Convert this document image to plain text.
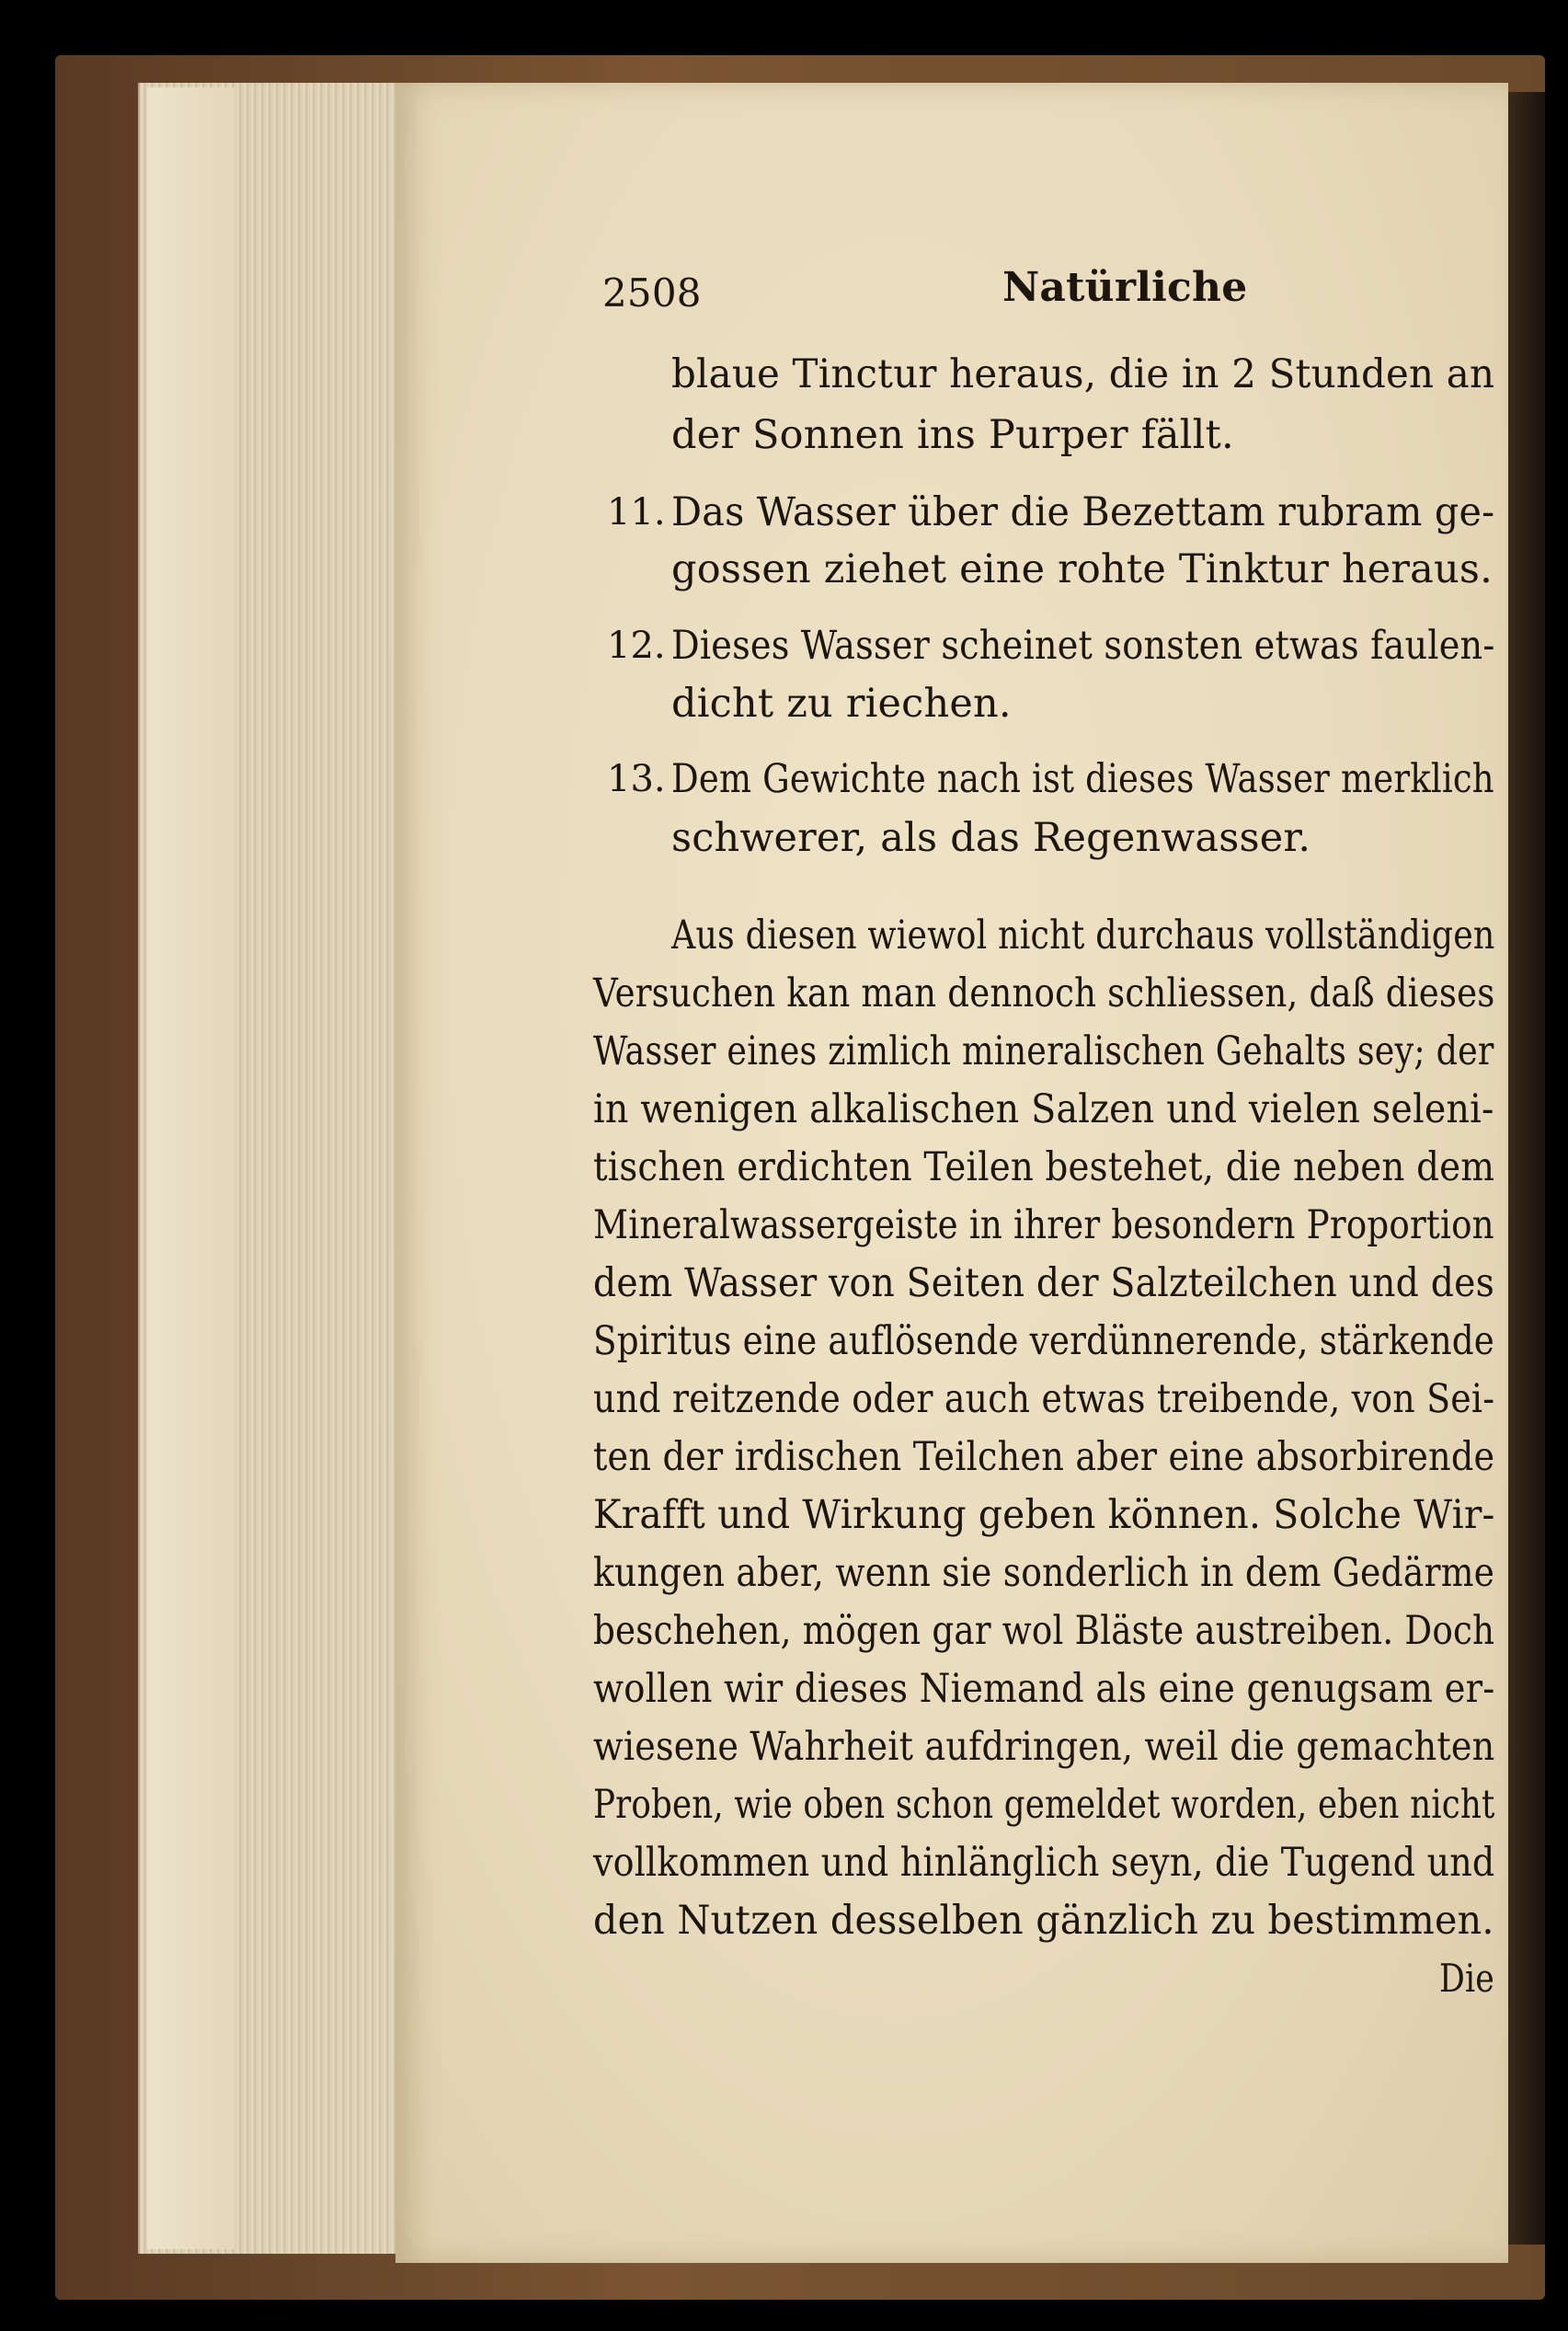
2508	Natürliche
blaue Tinctur heraus, die in 2 Stunden an
der Sonnen ins Purper fällt.
11. Das Wasser über die Bezettam rubram ge-
gossen ziehet eine rohte Tinktur heraus.
12. Dieses Wasser scheinet sonsten etwas faulen-
dicht zu riechen.
13. Dem Gewichte nach ist dieses Wasser merklich
schwerer, als das Regenwasser.
Aus diesen wiewol nicht durchaus vollständigen
Versuchen kan man dennoch schliessen, daß dieses
Wasser eines zimlich mineralischen Gehalts sey; der
in wenigen alkalischen Salzen und vielen seleni-
tischen erdichten Teilen bestehet, die neben dem
Mineralwassergeiste in ihrer besondern Proportion
dem Wasser von Seiten der Salzteilchen und des
Spiritus eine auflösende verdünnerende, stärkende
und reitzende oder auch etwas treibende, von Sei-
ten der irdischen Teilchen aber eine absorbirende
Krafft und Wirkung geben können. Solche Wir-
kungen aber, wenn sie sonderlich in dem Gedärme
beschehen, mögen gar wol Bläste austreiben. Doch
wollen wir dieses Niemand als eine genugsam er-
wiesene Wahrheit aufdringen, weil die gemachten
Proben, wie oben schon gemeldet worden, eben nicht
vollkommen und hinlänglich seyn, die Tugend und
den Nutzen desselben gänzlich zu bestimmen.
Die
